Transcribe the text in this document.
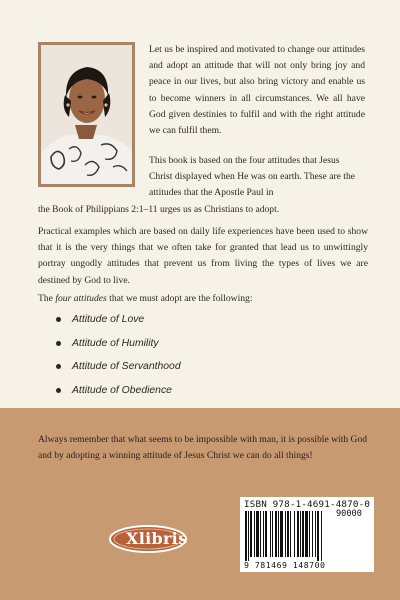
Let us be inspired and motivated to change our attitudes and adopt an attitude that will not only bring joy and peace in our lives, but also bring victory and enable us to become winners in all circumstances. We all have God given destinies to fulfil and with the right attitude we can fulfil them.

This book is based on the four attitudes that Jesus Christ displayed when He was on earth. These are the attitudes that the Apostle Paul in
the Book of Philippians 2:1–11 urges us as Christians to adopt.

Practical examples which are based on daily life experiences have been used to show that it is the very things that we often take for granted that lead us to unwittingly portray ungodly attitudes that prevent us from living the types of lives we are destined by God to live.

The four attitudes that we must adopt are the following:

Attitude of Love
Attitude of Humility
Attitude of Servanthood
Attitude of Obedience

Always remember that what seems to be impossible with man, it is possible with God and by adopting a winning attitude of Jesus Christ we can do all things!

Xlibris
ISBN 978-1-4691-4870-0
90000
9 781469 148700
